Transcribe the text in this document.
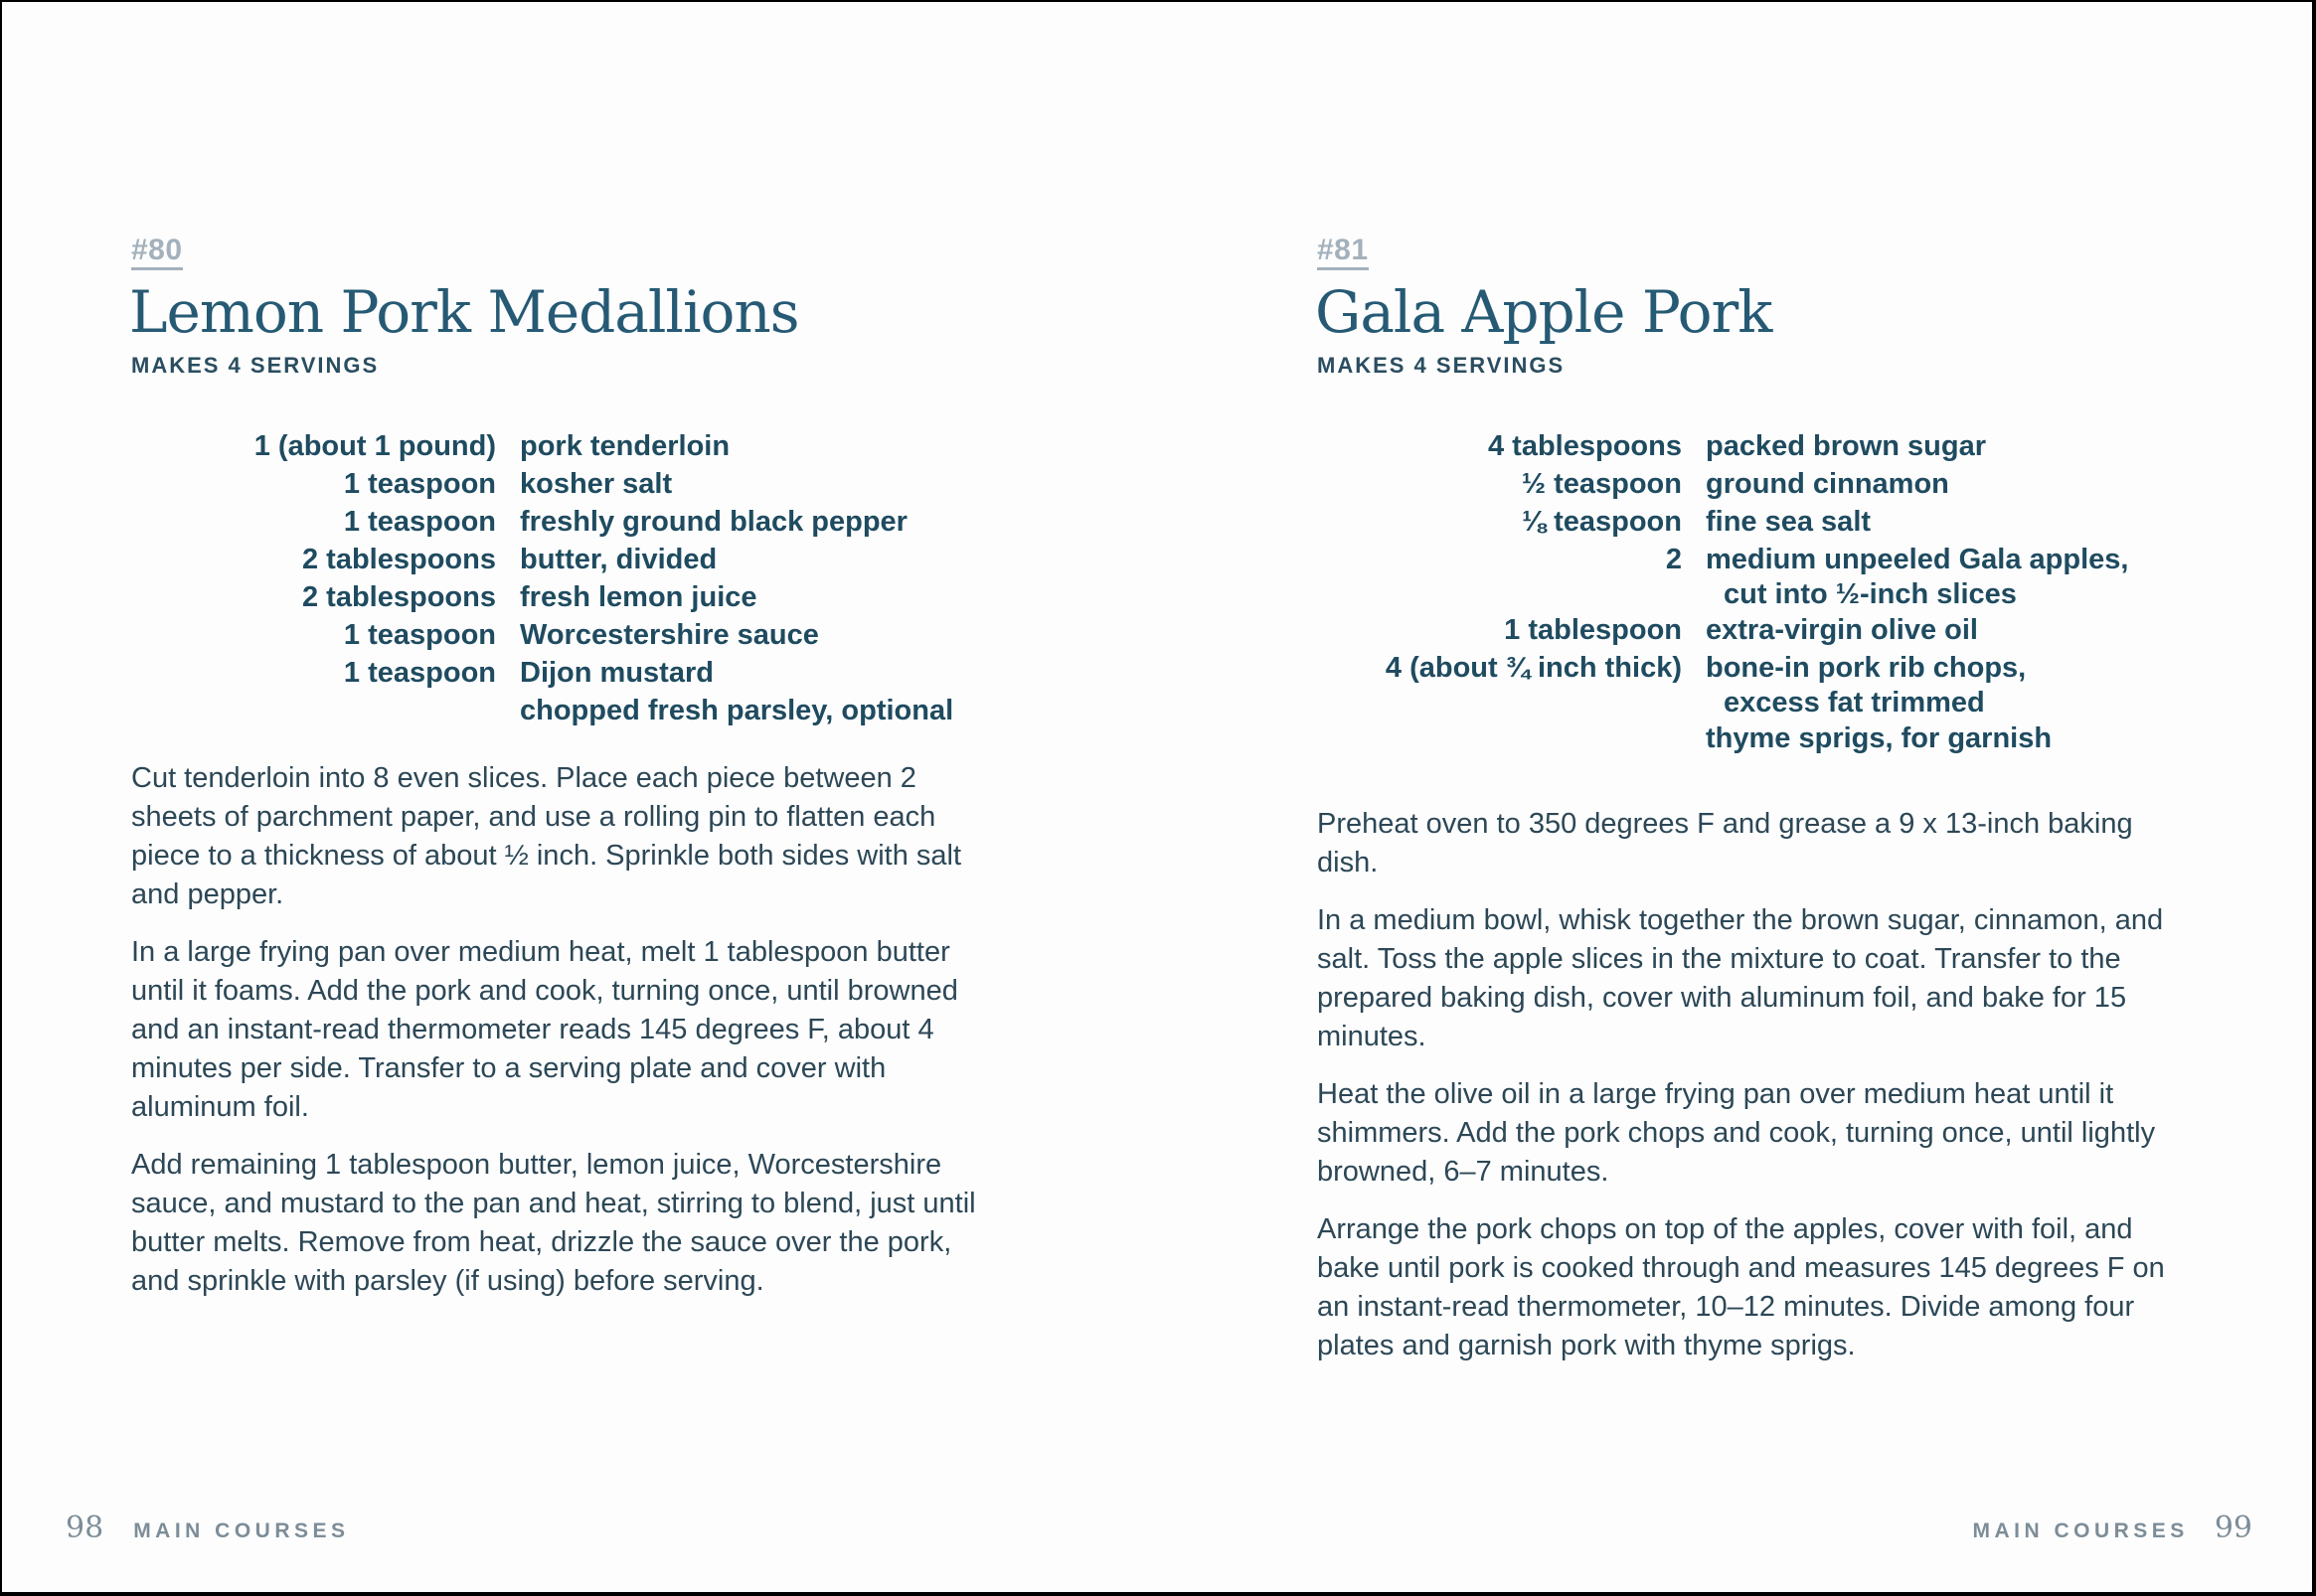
#80
Lemon Pork Medallions
MAKES 4 SERVINGS
1 (about 1 pound) pork tenderloin
1 teaspoon kosher salt
1 teaspoon freshly ground black pepper
2 tablespoons butter, divided
2 tablespoons fresh lemon juice
1 teaspoon Worcestershire sauce
1 teaspoon Dijon mustard
chopped fresh parsley, optional

Cut tenderloin into 8 even slices. Place each piece between 2 sheets of parchment paper, and use a rolling pin to flatten each piece to a thickness of about ½ inch. Sprinkle both sides with salt and pepper.

In a large frying pan over medium heat, melt 1 tablespoon butter until it foams. Add the pork and cook, turning once, until browned and an instant-read thermometer reads 145 degrees F, about 4 minutes per side. Transfer to a serving plate and cover with aluminum foil.

Add remaining 1 tablespoon butter, lemon juice, Worcestershire sauce, and mustard to the pan and heat, stirring to blend, just until butter melts. Remove from heat, drizzle the sauce over the pork, and sprinkle with parsley (if using) before serving.

98 MAIN COURSES
#81
Gala Apple Pork
MAKES 4 SERVINGS
4 tablespoons packed brown sugar
½ teaspoon ground cinnamon
⅛ teaspoon fine sea salt
2 medium unpeeled Gala apples,
cut into ½-inch slices
1 tablespoon extra-virgin olive oil
4 (about ¾ inch thick) bone-in pork rib chops,
excess fat trimmed
thyme sprigs, for garnish

Preheat oven to 350 degrees F and grease a 9 x 13-inch baking dish.

In a medium bowl, whisk together the brown sugar, cinnamon, and salt. Toss the apple slices in the mixture to coat. Transfer to the prepared baking dish, cover with aluminum foil, and bake for 15 minutes.

Heat the olive oil in a large frying pan over medium heat until it shimmers. Add the pork chops and cook, turning once, until lightly browned, 6–7 minutes.

Arrange the pork chops on top of the apples, cover with foil, and bake until pork is cooked through and measures 145 degrees F on an instant-read thermometer, 10–12 minutes. Divide among four plates and garnish pork with thyme sprigs.

MAIN COURSES 99
